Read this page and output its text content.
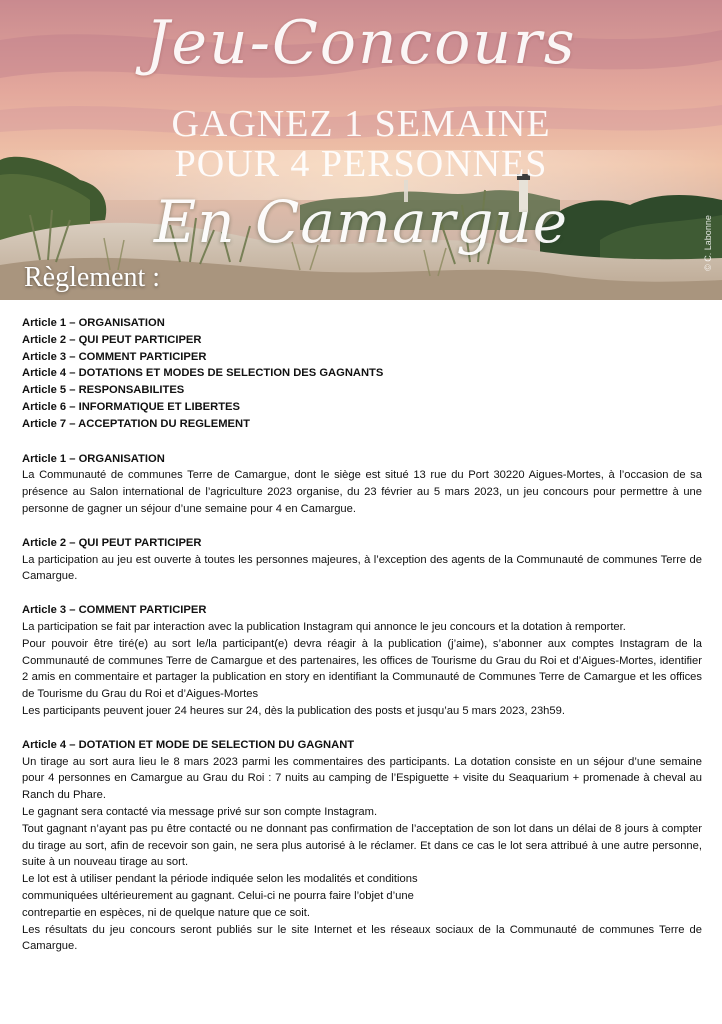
Jeu-Concours
GAGNEZ 1 SEMAINE
POUR 4 PERSONNES
En Camargue
Règlement :
© C. Labonne
Article 1 – ORGANISATION
Article 2 – QUI PEUT PARTICIPER
Article 3 – COMMENT PARTICIPER
Article 4 – DOTATIONS ET MODES DE SELECTION DES GAGNANTS
Article 5 – RESPONSABILITES
Article 6 – INFORMATIQUE ET LIBERTES
Article 7 – ACCEPTATION DU REGLEMENT
Article 1 – ORGANISATION
La Communauté de communes Terre de Camargue, dont le siège est situé 13 rue du Port 30220 Aigues-Mortes, à l’occasion de sa présence au Salon international de l’agriculture 2023 organise, du 23 février au 5 mars 2023, un jeu concours pour permettre à une personne de gagner un séjour d’une semaine pour 4 en Camargue.
Article 2 – QUI PEUT PARTICIPER
La participation au jeu est ouverte à toutes les personnes majeures, à l’exception des agents de la Communauté de communes Terre de Camargue.
Article 3 – COMMENT PARTICIPER
La participation se fait par interaction avec la publication Instagram qui annonce le jeu concours et la dotation à remporter.
Pour pouvoir être tiré(e) au sort le/la participant(e) devra réagir à la publication (j’aime), s’abonner aux comptes Instagram de la Communauté de communes Terre de Camargue et des partenaires, les offices de Tourisme du Grau du Roi et d’Aigues-Mortes, identifier 2 amis en commentaire et partager la publication en story en identifiant la Communauté de Communes Terre de Camargue et les offices de Tourisme du Grau du Roi et d’Aigues-Mortes
Les participants peuvent jouer 24 heures sur 24, dès la publication des posts et jusqu’au 5 mars 2023, 23h59.
Article 4 – DOTATION ET MODE DE SELECTION DU GAGNANT
Un tirage au sort aura lieu le 8 mars 2023 parmi les commentaires des participants. La dotation consiste en un séjour d’une semaine pour 4 personnes en Camargue au Grau du Roi : 7 nuits au camping de l’Espiguette + visite du Seaquarium + promenade à cheval au Ranch du Phare.
Le gagnant sera contacté via message privé sur son compte Instagram.
Tout gagnant n’ayant pas pu être contacté ou ne donnant pas confirmation de l’acceptation de son lot dans un délai de 8 jours à compter du tirage au sort, afin de recevoir son gain, ne sera plus autorisé à le réclamer. Et dans ce cas le lot sera attribué à une autre personne, suite à un nouveau tirage au sort.
Le lot est à utiliser pendant la période indiquée selon les modalités et conditions
communiquées ultérieurement au gagnant. Celui-ci ne pourra faire l’objet d’une
contrepartie en espèces, ni de quelque nature que ce soit.
Les résultats du jeu concours seront publiés sur le site Internet et les réseaux sociaux de la Communauté de communes Terre de Camargue.
